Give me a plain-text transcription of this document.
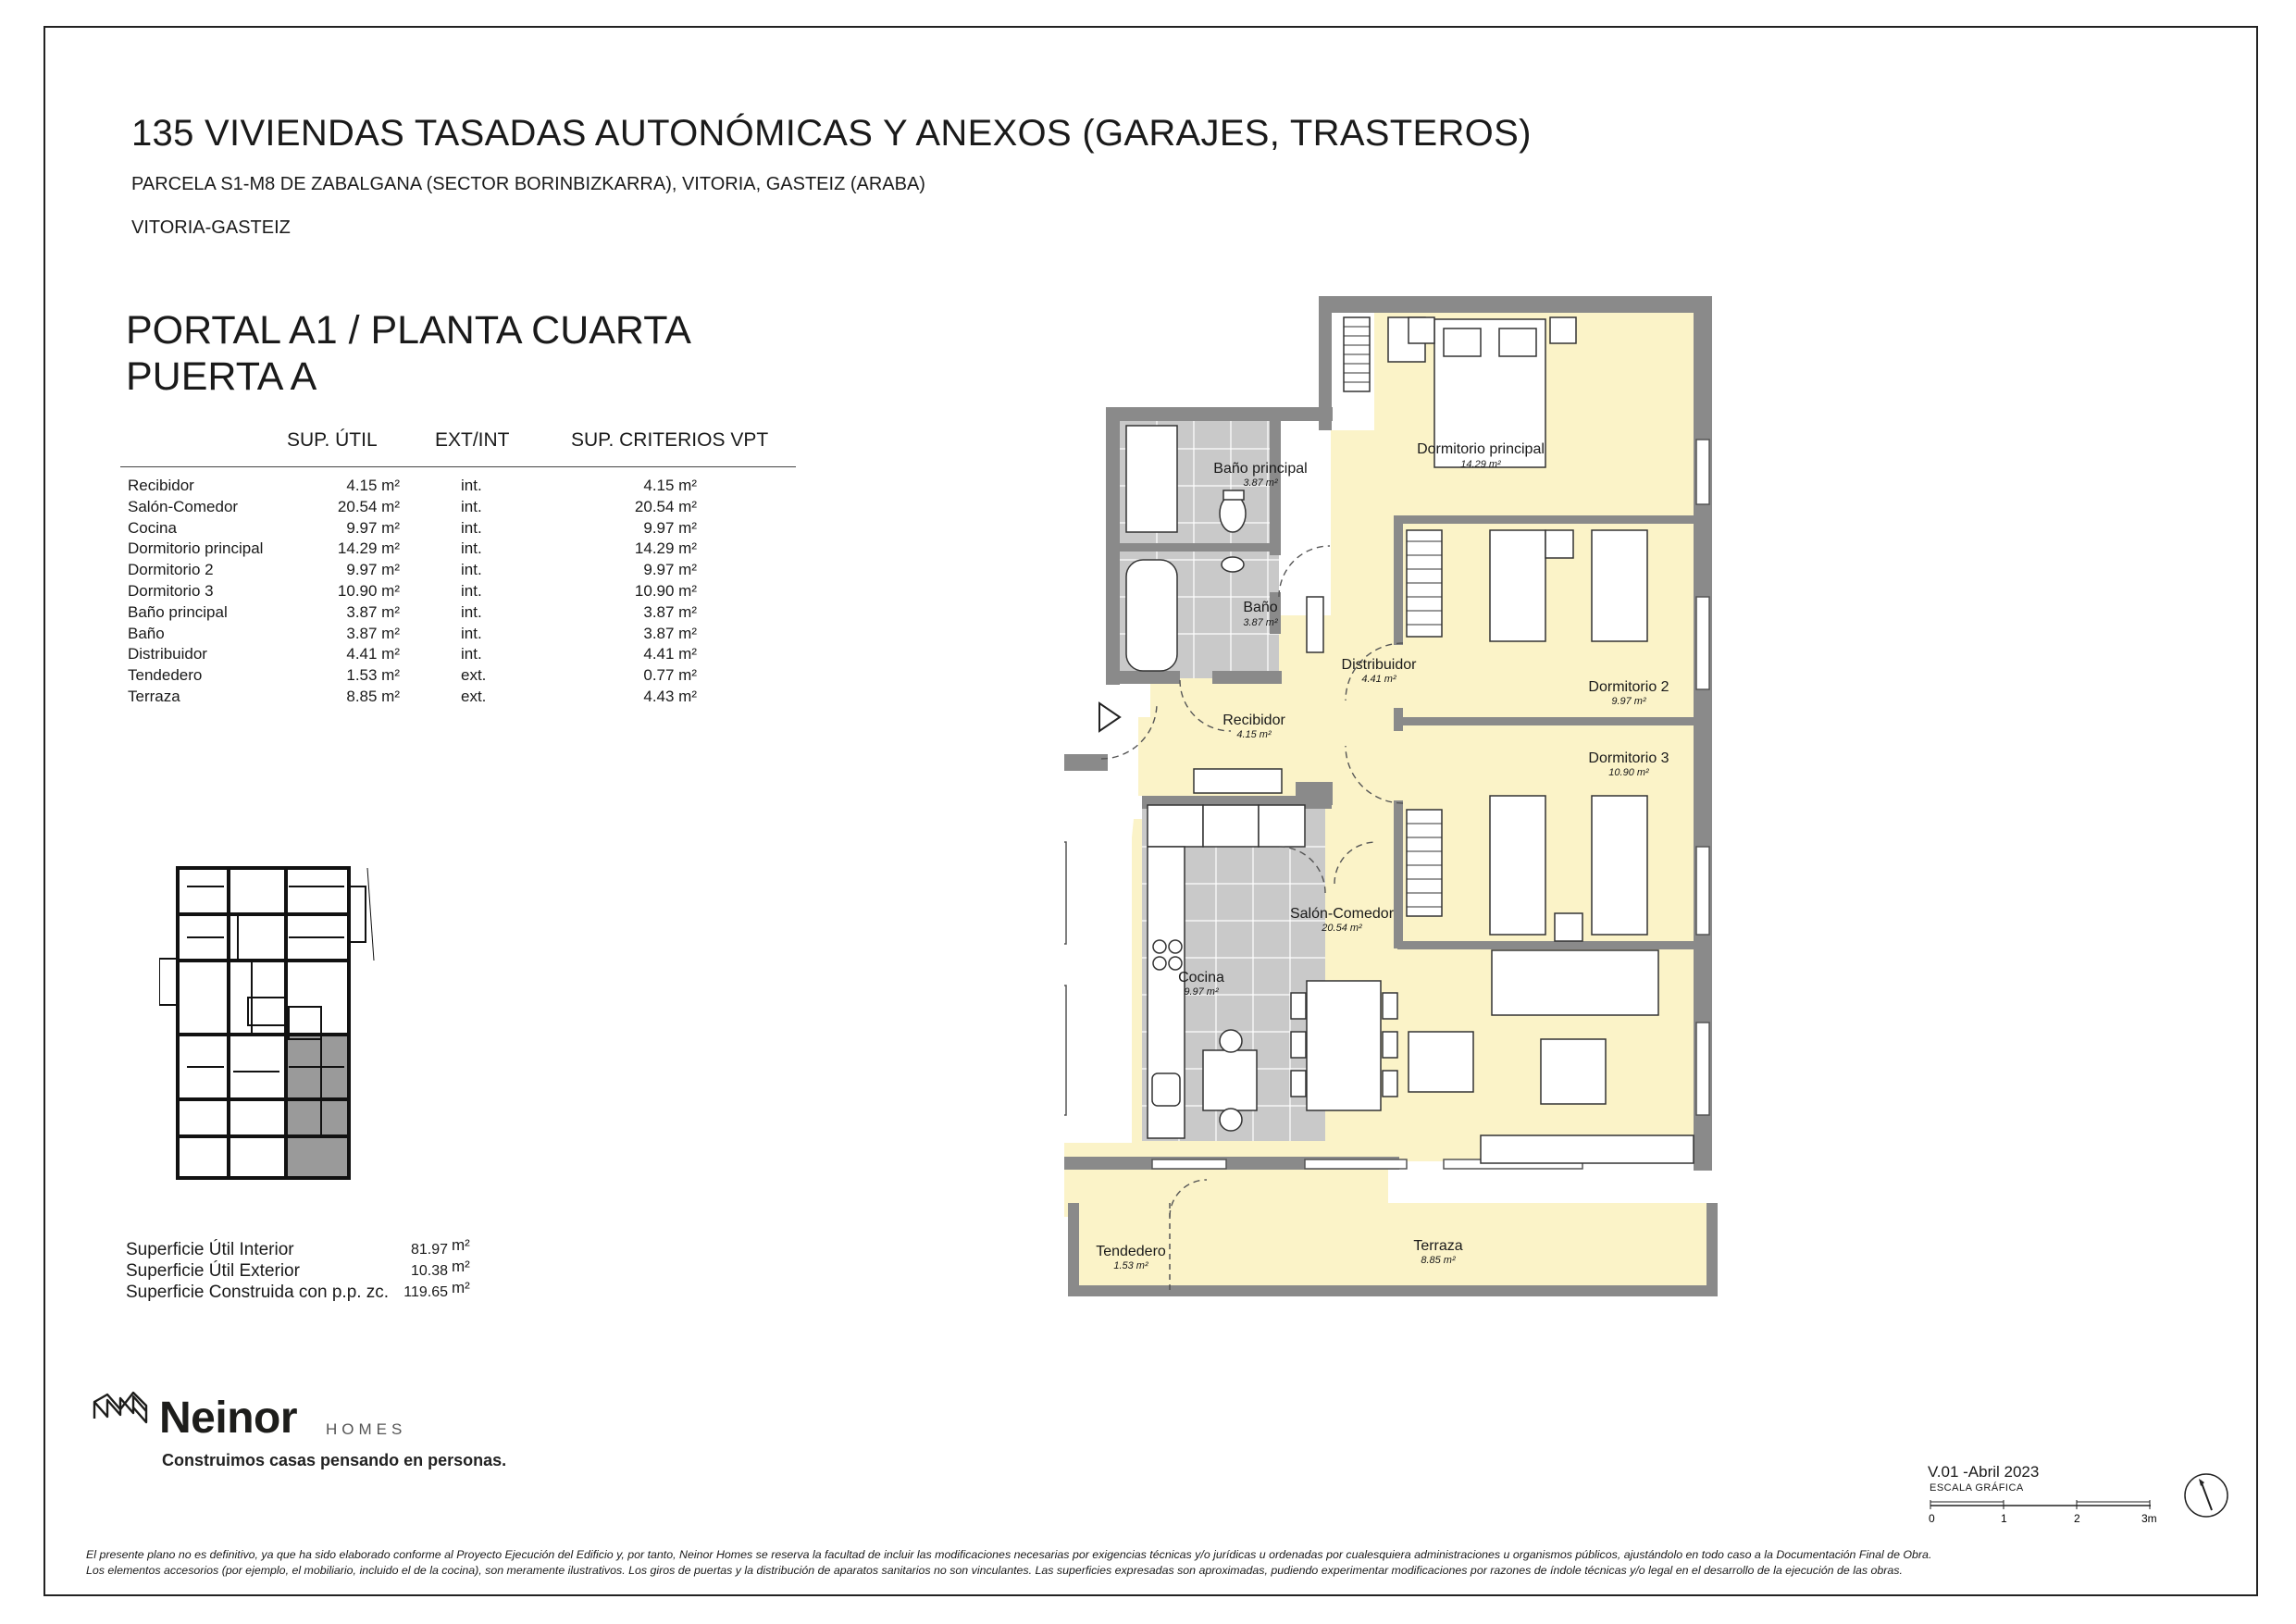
135 VIVIENDAS TASADAS AUTONÓMICAS Y ANEXOS (GARAJES, TRASTEROS)
PARCELA S1-M8 DE ZABALGANA (SECTOR BORINBIZKARRA), VITORIA, GASTEIZ (ARABA)
VITORIA-GASTEIZ
PORTAL A1 / PLANTA CUARTA
PUERTA A
SUP. ÚTIL	EXT/INT	SUP. CRITERIOS VPT
Recibidor	4.15 m²	int.	4.15 m²
Salón-Comedor	20.54 m²	int.	20.54 m²
Cocina	9.97 m²	int.	9.97 m²
Dormitorio principal	14.29 m²	int.	14.29 m²
Dormitorio 2	9.97 m²	int.	9.97 m²
Dormitorio 3	10.90 m²	int.	10.90 m²
Baño principal	3.87 m²	int.	3.87 m²
Baño	3.87 m²	int.	3.87 m²
Distribuidor	4.41 m²	int.	4.41 m²
Tendedero	1.53 m²	ext.	0.77 m²
Terraza	8.85 m²	ext.	4.43 m²
Superficie Útil Interior	81.97 m²
Superficie Útil Exterior	10.38 m²
Superficie Construida con p.p. zc. 119.65 m²
Neinor HOMES
Construimos casas pensando en personas.
V.01 -Abril 2023
ESCALA GRÁFICA
0	1	2	3m
El presente plano no es definitivo, ya que ha sido elaborado conforme al Proyecto Ejecución del Edificio y, por tanto, Neinor Homes se reserva la facultad de incluir las modificaciones necesarias por exigencias técnicas y/o jurídicas u ordenadas por cualesquiera administraciones u organismos públicos, ajustándolo en todo caso a la Documentación Final de Obra.
Los elementos accesorios (por ejemplo, el mobiliario, incluido el de la cocina), son meramente ilustrativos. Los giros de puertas y la distribución de aparatos sanitarios no son vinculantes. Las superficies expresadas son aproximadas, pudiendo experimentar modificaciones por razones de índole técnicas y/o legal en el desarrollo de la ejecución de las obras.
Dormitorio principal
14.29 m²
Baño principal
3.87 m²
Baño
3.87 m²
Dormitorio 2
9.97 m²
Distribuidor
4.41 m²
Recibidor
4.15 m²
Dormitorio 3
10.90 m²
Salón-Comedor
20.54 m²
Cocina
9.97 m²
Tendedero
1.53 m²
Terraza
8.85 m²
